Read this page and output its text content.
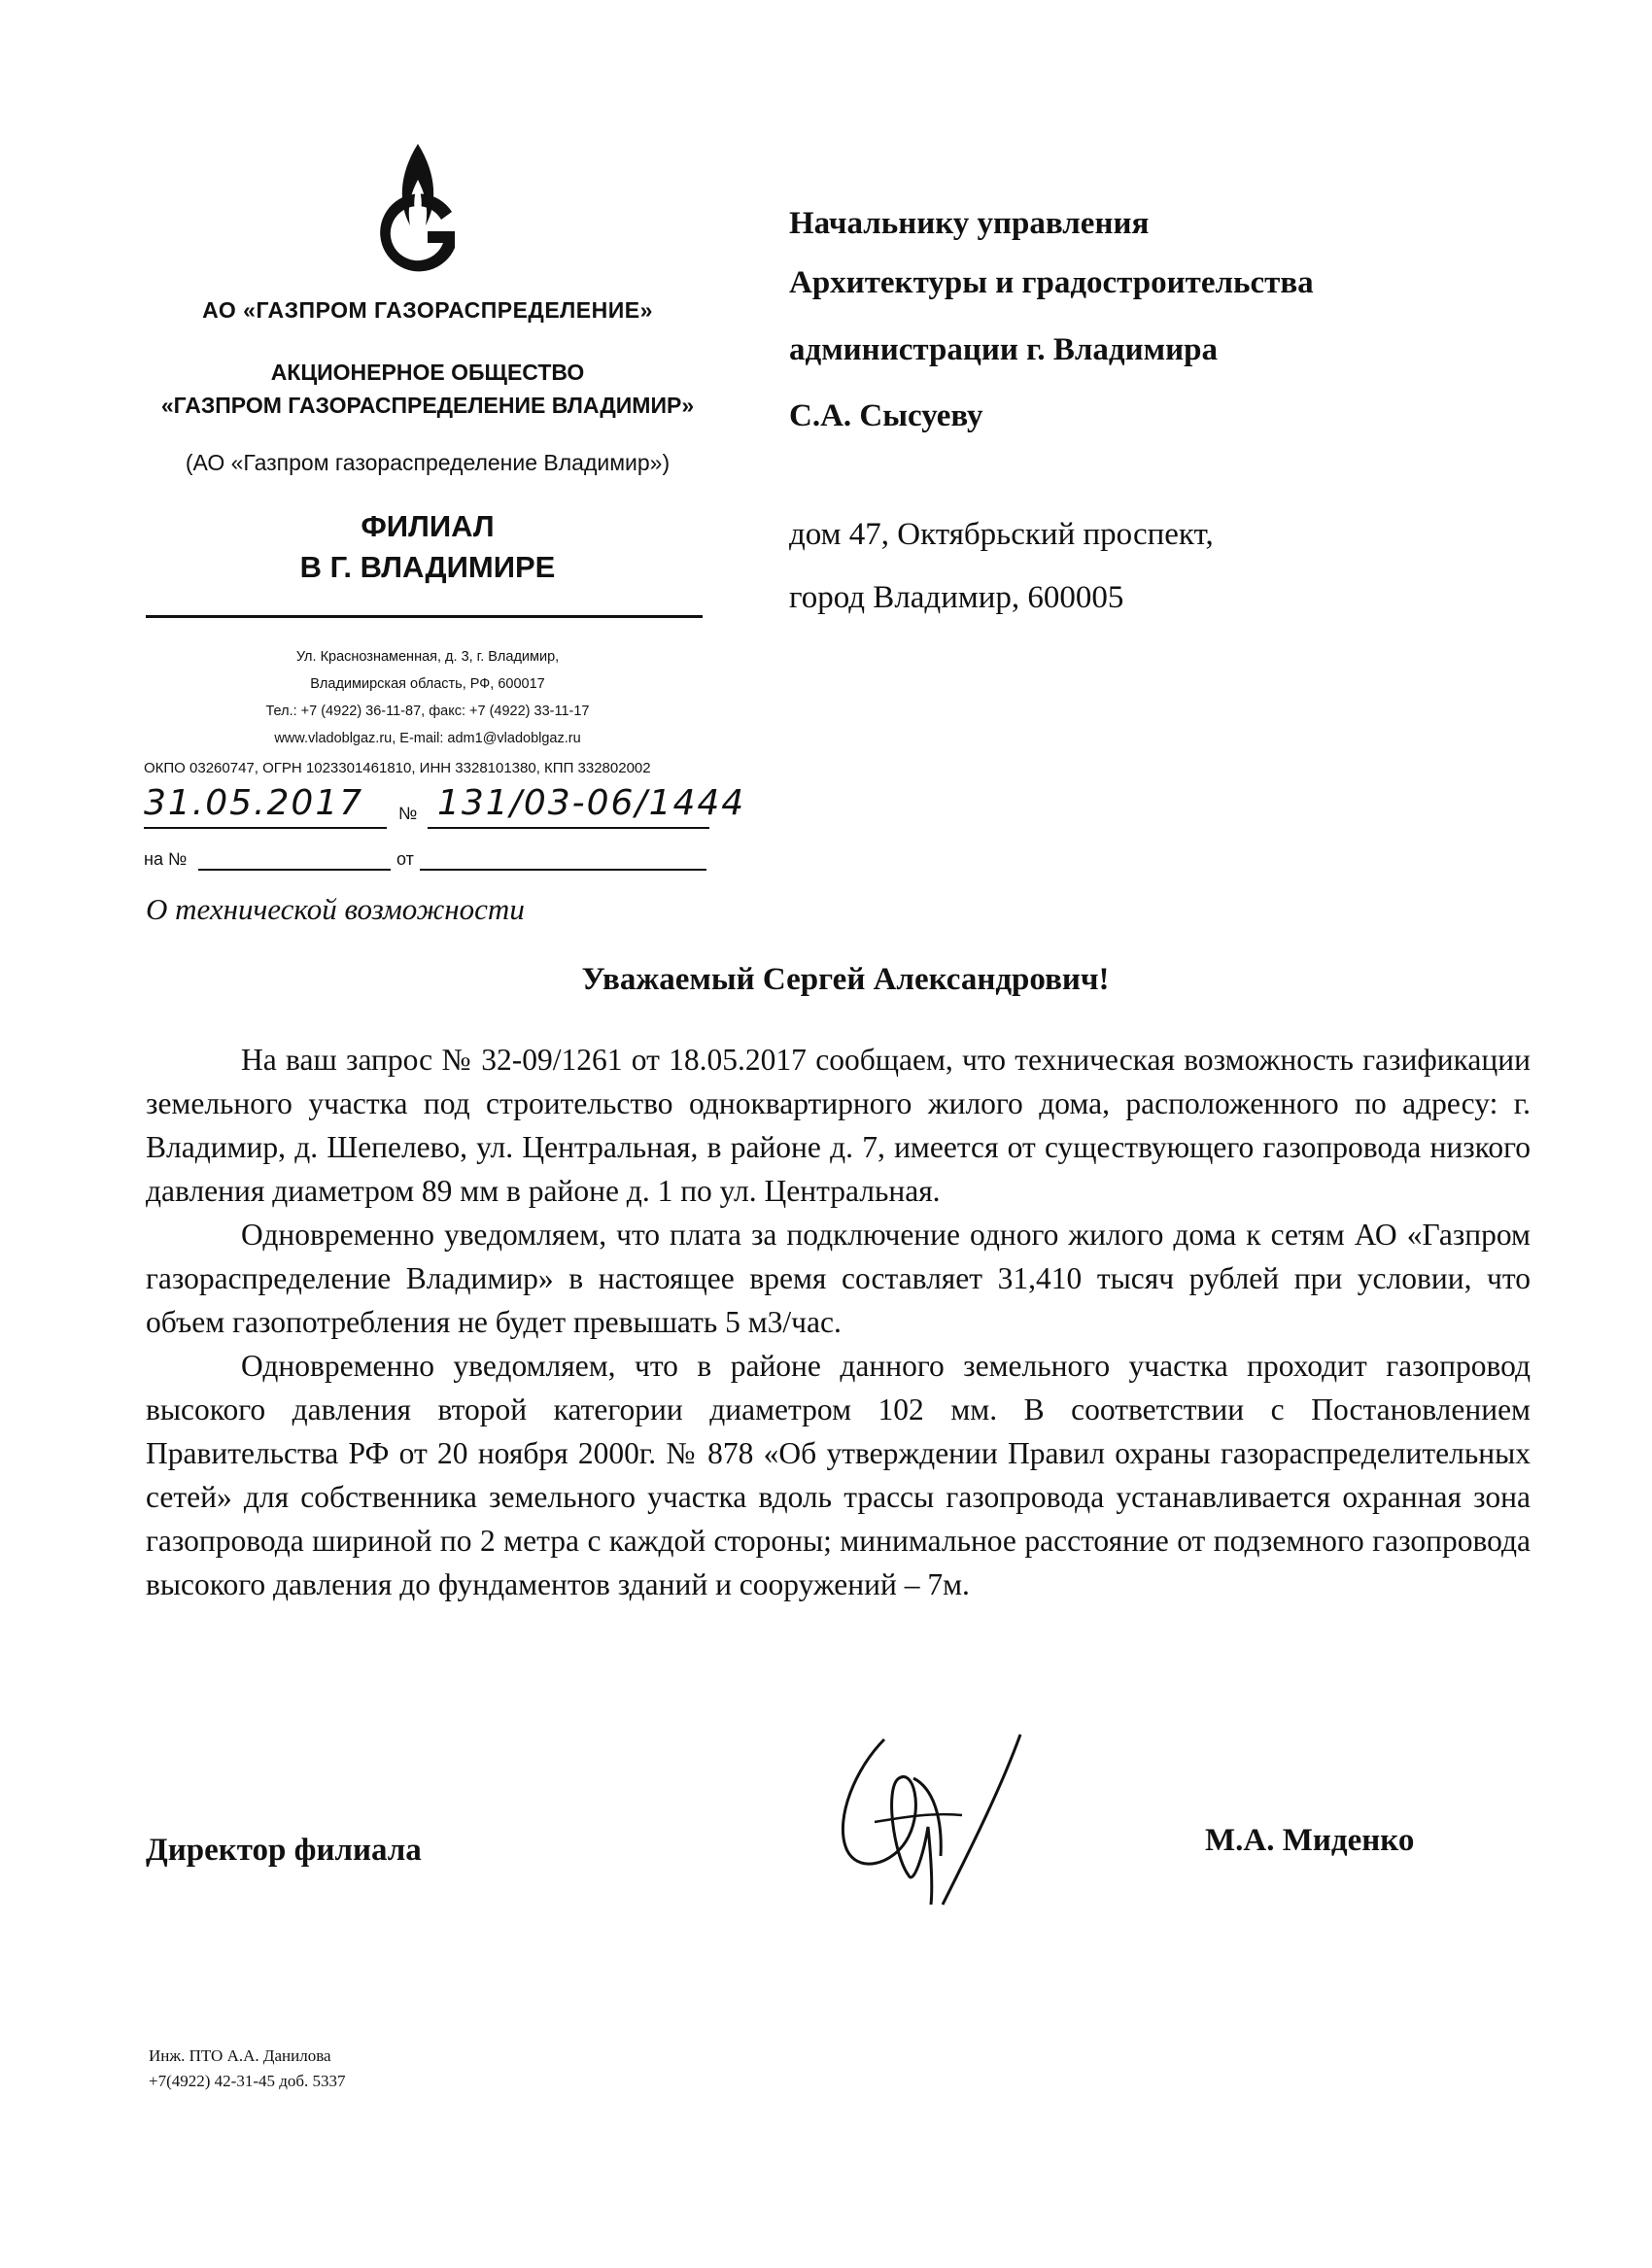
АО «ГАЗПРОМ ГАЗОРАСПРЕДЕЛЕНИЕ»
АКЦИОНЕРНОЕ ОБЩЕСТВО
«ГАЗПРОМ ГАЗОРАСПРЕДЕЛЕНИЕ ВЛАДИМИР»
(АО «Газпром газораспределение Владимир»)
ФИЛИАЛ
В Г. ВЛАДИМИРЕ
Ул. Краснознаменная, д. 3, г. Владимир,
Владимирская область, РФ, 600017
Тел.: +7 (4922) 36-11-87, факс: +7 (4922) 33-11-17
www.vladoblgaz.ru, E-mail: adm1@vladoblgaz.ru
ОКПО 03260747, ОГРН 1023301461810, ИНН 3328101380, КПП 332802002
31.05.2017 № 131/03-06/1444
на №	от
О технической возможности
Начальнику управления
Архитектуры и градостроительства
администрации г. Владимира
С.А. Сысуеву
дом 47, Октябрьский проспект,
город Владимир, 600005
Уважаемый Сергей Александрович!

На ваш запрос № 32-09/1261 от 18.05.2017 сообщаем, что техническая возможность газификации земельного участка под строительство одноквартирного жилого дома, расположенного по адресу: г. Владимир, д. Шепелево, ул. Центральная, в районе д. 7, имеется от существующего газопровода низкого давления диаметром 89 мм в районе д. 1 по ул. Центральная.

Одновременно уведомляем, что плата за подключение одного жилого дома к сетям АО «Газпром газораспределение Владимир» в настоящее время составляет 31,410 тысяч рублей при условии, что объем газопотребления не будет превышать 5 м3/час.

Одновременно уведомляем, что в районе данного земельного участка проходит газопровод высокого давления второй категории диаметром 102 мм. В соответствии с Постановлением Правительства РФ от 20 ноября 2000г. № 878 «Об утверждении Правил охраны газораспределительных сетей» для собственника земельного участка вдоль трассы газопровода устанавливается охранная зона газопровода шириной по 2 метра с каждой стороны; минимальное расстояние от подземного газопровода высокого давления до фундаментов зданий и сооружений – 7м.

Директор филиала	М.А. Миденко
Инж. ПТО А.А. Данилова
+7(4922) 42-31-45 доб. 5337
